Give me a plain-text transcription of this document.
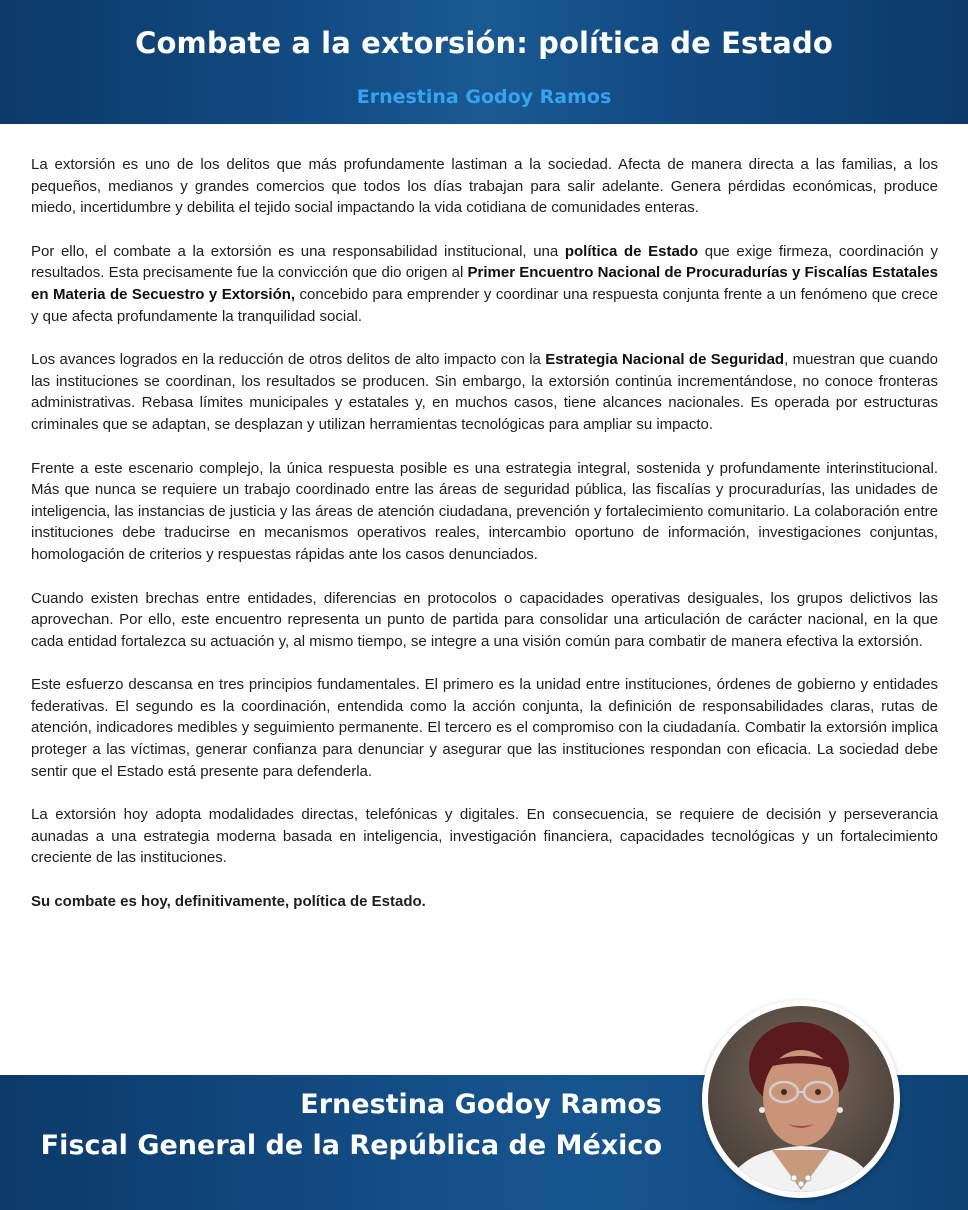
Combate a la extorsión: política de Estado
Ernestina Godoy Ramos

La extorsión es uno de los delitos que más profundamente lastiman a la sociedad. Afecta de manera directa a las familias, a los pequeños, medianos y grandes comercios que todos los días trabajan para salir adelante. Genera pérdidas económicas, produce miedo, incertidumbre y debilita el tejido social impactando la vida cotidiana de comunidades enteras.

Por ello, el combate a la extorsión es una responsabilidad institucional, una política de Estado que exige firmeza, coordinación y resultados. Esta precisamente fue la convicción que dio origen al Primer Encuentro Nacional de Procuradurías y Fiscalías Estatales en Materia de Secuestro y Extorsión, concebido para emprender y coordinar una respuesta conjunta frente a un fenómeno que crece y que afecta profundamente la tranquilidad social.

Los avances logrados en la reducción de otros delitos de alto impacto con la Estrategia Nacional de Seguridad, muestran que cuando las instituciones se coordinan, los resultados se producen. Sin embargo, la extorsión continúa incrementándose, no conoce fronteras administrativas. Rebasa límites municipales y estatales y, en muchos casos, tiene alcances nacionales. Es operada por estructuras criminales que se adaptan, se desplazan y utilizan herramientas tecnológicas para ampliar su impacto.

Frente a este escenario complejo, la única respuesta posible es una estrategia integral, sostenida y profundamente interinstitucional. Más que nunca se requiere un trabajo coordinado entre las áreas de seguridad pública, las fiscalías y procuradurías, las unidades de inteligencia, las instancias de justicia y las áreas de atención ciudadana, prevención y fortalecimiento comunitario. La colaboración entre instituciones debe traducirse en mecanismos operativos reales, intercambio oportuno de información, investigaciones conjuntas, homologación de criterios y respuestas rápidas ante los casos denunciados.

Cuando existen brechas entre entidades, diferencias en protocolos o capacidades operativas desiguales, los grupos delictivos las aprovechan. Por ello, este encuentro representa un punto de partida para consolidar una articulación de carácter nacional, en la que cada entidad fortalezca su actuación y, al mismo tiempo, se integre a una visión común para combatir de manera efectiva la extorsión.

Este esfuerzo descansa en tres principios fundamentales. El primero es la unidad entre instituciones, órdenes de gobierno y entidades federativas. El segundo es la coordinación, entendida como la acción conjunta, la definición de responsabilidades claras, rutas de atención, indicadores medibles y seguimiento permanente. El tercero es el compromiso con la ciudadanía. Combatir la extorsión implica proteger a las víctimas, generar confianza para denunciar y asegurar que las instituciones respondan con eficacia. La sociedad debe sentir que el Estado está presente para defenderla.

La extorsión hoy adopta modalidades directas, telefónicas y digitales. En consecuencia, se requiere de decisión y perseverancia aunadas a una estrategia moderna basada en inteligencia, investigación financiera, capacidades tecnológicas y un fortalecimiento creciente de las instituciones.

Su combate es hoy, definitivamente, política de Estado.

Ernestina Godoy Ramos
Fiscal General de la República de México
